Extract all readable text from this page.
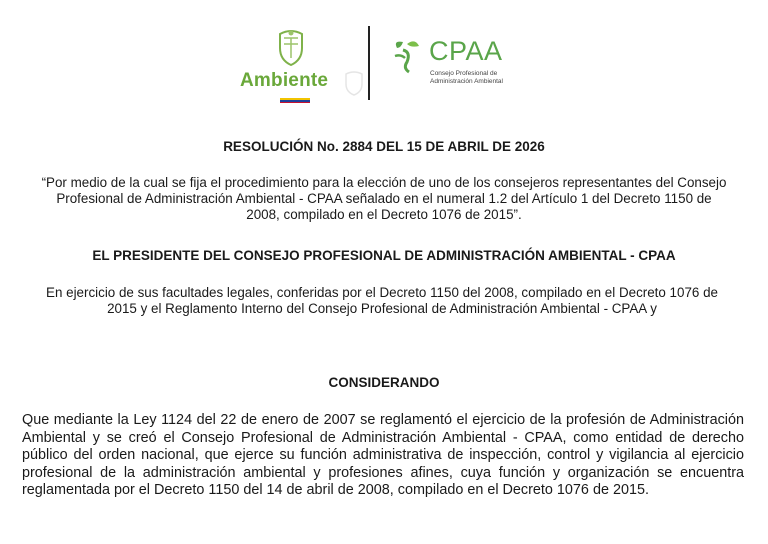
Ambiente
CPAA
Consejo Profesional de Administración Ambiental
RESOLUCIÓN No. 2884 DEL 15 DE ABRIL DE 2026
“Por medio de la cual se fija el procedimiento para la elección de uno de los consejeros representantes del Consejo Profesional de Administración Ambiental - CPAA señalado en el numeral 1.2 del Artículo 1 del Decreto 1150 de 2008, compilado en el Decreto 1076 de 2015”.
EL PRESIDENTE DEL CONSEJO PROFESIONAL DE ADMINISTRACIÓN AMBIENTAL - CPAA
En ejercicio de sus facultades legales, conferidas por el Decreto 1150 del 2008, compilado en el Decreto 1076 de 2015 y el Reglamento Interno del Consejo Profesional de Administración Ambiental - CPAA y
CONSIDERANDO
Que mediante la Ley 1124 del 22 de enero de 2007 se reglamentó el ejercicio de la profesión de Administración Ambiental y se creó el Consejo Profesional de Administración Ambiental - CPAA, como entidad de derecho público del orden nacional, que ejerce su función administrativa de inspección, control y vigilancia al ejercicio profesional de la administración ambiental y profesiones afines, cuya función y organización se encuentra reglamentada por el Decreto 1150 del 14 de abril de 2008, compilado en el Decreto 1076 de 2015.
